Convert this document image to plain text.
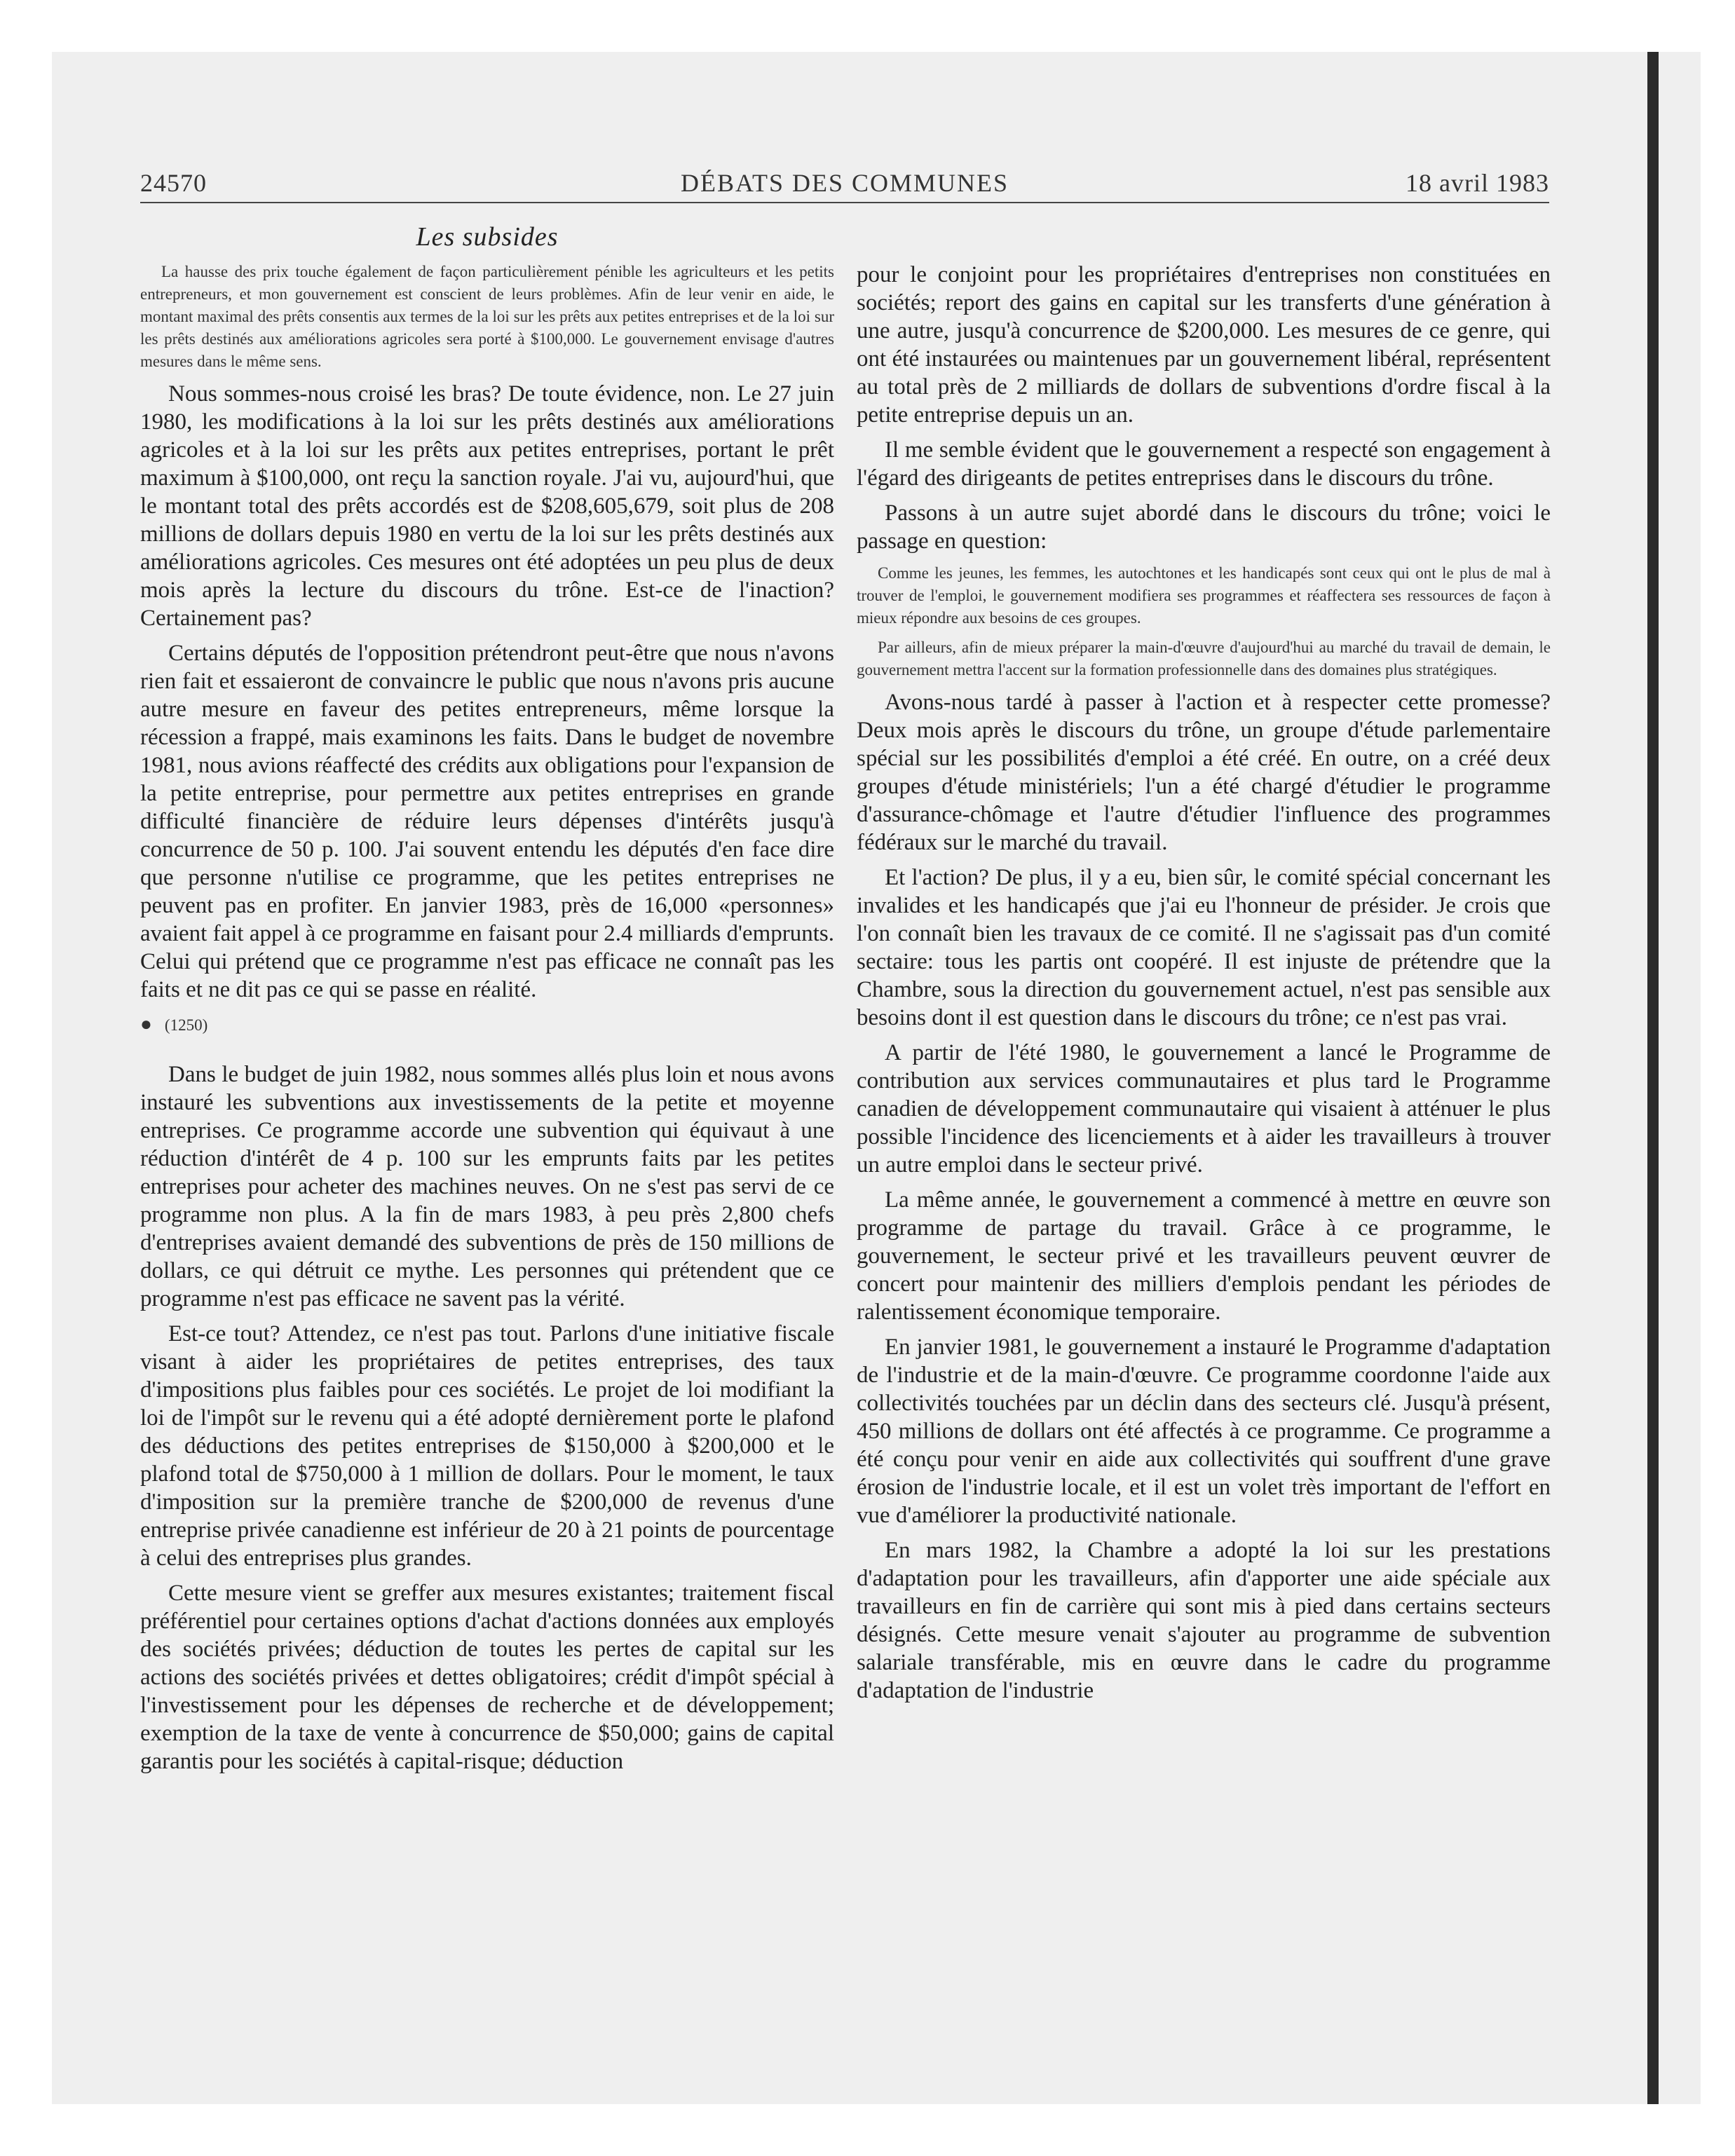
24570	DÉBATS DES COMMUNES	18 avril 1983
Les subsides

La hausse des prix touche également de façon particulièrement pénible les agriculteurs et les petits entrepreneurs, et mon gouvernement est conscient de leurs problèmes. Afin de leur venir en aide, le montant maximal des prêts consentis aux termes de la loi sur les prêts aux petites entreprises et de la loi sur les prêts destinés aux améliorations agricoles sera porté à $100,000. Le gouvernement envisage d'autres mesures dans le même sens.

Nous sommes-nous croisé les bras? De toute évidence, non. Le 27 juin 1980, les modifications à la loi sur les prêts destinés aux améliorations agricoles et à la loi sur les prêts aux petites entreprises, portant le prêt maximum à $100,000, ont reçu la sanction royale. J'ai vu, aujourd'hui, que le montant total des prêts accordés est de $208,605,679, soit plus de 208 millions de dollars depuis 1980 en vertu de la loi sur les prêts destinés aux améliorations agricoles. Ces mesures ont été adoptées un peu plus de deux mois après la lecture du discours du trône. Est-ce de l'inaction? Certainement pas?

Certains députés de l'opposition prétendront peut-être que nous n'avons rien fait et essaieront de convaincre le public que nous n'avons pris aucune autre mesure en faveur des petites entrepreneurs, même lorsque la récession a frappé, mais examinons les faits. Dans le budget de novembre 1981, nous avions réaffecté des crédits aux obligations pour l'expansion de la petite entreprise, pour permettre aux petites entreprises en grande difficulté financière de réduire leurs dépenses d'intérêts jusqu'à concurrence de 50 p. 100. J'ai souvent entendu les députés d'en face dire que personne n'utilise ce programme, que les petites entreprises ne peuvent pas en profiter. En janvier 1983, près de 16,000 «personnes» avaient fait appel à ce programme en faisant pour 2.4 milliards d'emprunts. Celui qui prétend que ce programme n'est pas efficace ne connaît pas les faits et ne dit pas ce qui se passe en réalité.

● (1250)

Dans le budget de juin 1982, nous sommes allés plus loin et nous avons instauré les subventions aux investissements de la petite et moyenne entreprises. Ce programme accorde une subvention qui équivaut à une réduction d'intérêt de 4 p. 100 sur les emprunts faits par les petites entreprises pour acheter des machines neuves. On ne s'est pas servi de ce programme non plus. A la fin de mars 1983, à peu près 2,800 chefs d'entreprises avaient demandé des subventions de près de 150 millions de dollars, ce qui détruit ce mythe. Les personnes qui prétendent que ce programme n'est pas efficace ne savent pas la vérité.

Est-ce tout? Attendez, ce n'est pas tout. Parlons d'une initiative fiscale visant à aider les propriétaires de petites entreprises, des taux d'impositions plus faibles pour ces sociétés. Le projet de loi modifiant la loi de l'impôt sur le revenu qui a été adopté dernièrement porte le plafond des déductions des petites entreprises de $150,000 à $200,000 et le plafond total de $750,000 à 1 million de dollars. Pour le moment, le taux d'imposition sur la première tranche de $200,000 de revenus d'une entreprise privée canadienne est inférieur de 20 à 21 points de pourcentage à celui des entreprises plus grandes.

Cette mesure vient se greffer aux mesures existantes; traitement fiscal préférentiel pour certaines options d'achat d'actions données aux employés des sociétés privées; déduction de toutes les pertes de capital sur les actions des sociétés privées et dettes obligatoires; crédit d'impôt spécial à l'investissement pour les dépenses de recherche et de développement; exemption de la taxe de vente à concurrence de $50,000; gains de capital garantis pour les sociétés à capital-risque; déduction

pour le conjoint pour les propriétaires d'entreprises non constituées en sociétés; report des gains en capital sur les transferts d'une génération à une autre, jusqu'à concurrence de $200,000. Les mesures de ce genre, qui ont été instaurées ou maintenues par un gouvernement libéral, représentent au total près de 2 milliards de dollars de subventions d'ordre fiscal à la petite entreprise depuis un an.

Il me semble évident que le gouvernement a respecté son engagement à l'égard des dirigeants de petites entreprises dans le discours du trône.

Passons à un autre sujet abordé dans le discours du trône; voici le passage en question:

Comme les jeunes, les femmes, les autochtones et les handicapés sont ceux qui ont le plus de mal à trouver de l'emploi, le gouvernement modifiera ses programmes et réaffectera ses ressources de façon à mieux répondre aux besoins de ces groupes.

Par ailleurs, afin de mieux préparer la main-d'œuvre d'aujourd'hui au marché du travail de demain, le gouvernement mettra l'accent sur la formation professionnelle dans des domaines plus stratégiques.

Avons-nous tardé à passer à l'action et à respecter cette promesse? Deux mois après le discours du trône, un groupe d'étude parlementaire spécial sur les possibilités d'emploi a été créé. En outre, on a créé deux groupes d'étude ministériels; l'un a été chargé d'étudier le programme d'assurance-chômage et l'autre d'étudier l'influence des programmes fédéraux sur le marché du travail.

Et l'action? De plus, il y a eu, bien sûr, le comité spécial concernant les invalides et les handicapés que j'ai eu l'honneur de présider. Je crois que l'on connaît bien les travaux de ce comité. Il ne s'agissait pas d'un comité sectaire: tous les partis ont coopéré. Il est injuste de prétendre que la Chambre, sous la direction du gouvernement actuel, n'est pas sensible aux besoins dont il est question dans le discours du trône; ce n'est pas vrai.

A partir de l'été 1980, le gouvernement a lancé le Programme de contribution aux services communautaires et plus tard le Programme canadien de développement communautaire qui visaient à atténuer le plus possible l'incidence des licenciements et à aider les travailleurs à trouver un autre emploi dans le secteur privé.

La même année, le gouvernement a commencé à mettre en œuvre son programme de partage du travail. Grâce à ce programme, le gouvernement, le secteur privé et les travailleurs peuvent œuvrer de concert pour maintenir des milliers d'emplois pendant les périodes de ralentissement économique temporaire.

En janvier 1981, le gouvernement a instauré le Programme d'adaptation de l'industrie et de la main-d'œuvre. Ce programme coordonne l'aide aux collectivités touchées par un déclin dans des secteurs clé. Jusqu'à présent, 450 millions de dollars ont été affectés à ce programme. Ce programme a été conçu pour venir en aide aux collectivités qui souffrent d'une grave érosion de l'industrie locale, et il est un volet très important de l'effort en vue d'améliorer la productivité nationale.

En mars 1982, la Chambre a adopté la loi sur les prestations d'adaptation pour les travailleurs, afin d'apporter une aide spéciale aux travailleurs en fin de carrière qui sont mis à pied dans certains secteurs désignés. Cette mesure venait s'ajouter au programme de subvention salariale transférable, mis en œuvre dans le cadre du programme d'adaptation de l'industrie
